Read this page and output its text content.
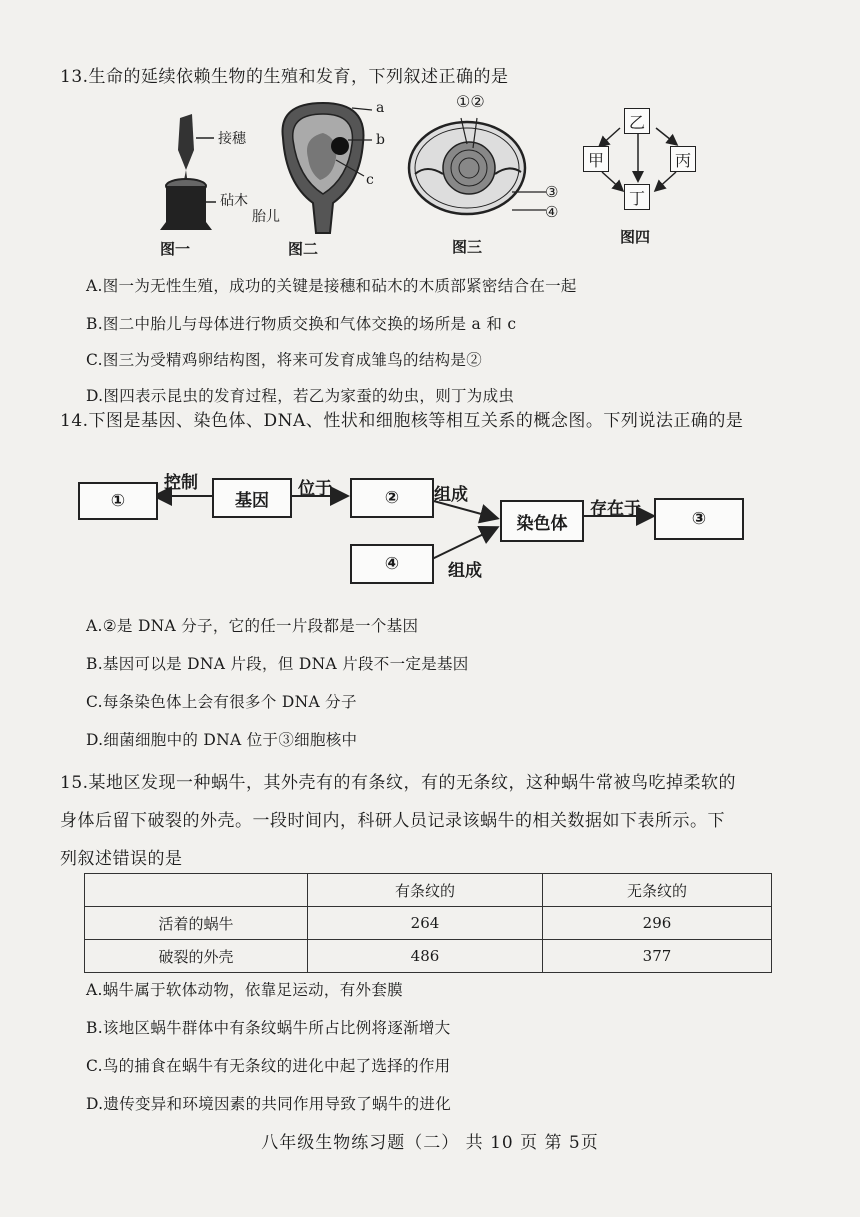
13.生命的延续依赖生物的生殖和发育，下列叙述正确的是
接穗
砧木
图一
a
b
c
胎儿
图二
①②
③
④
图三
乙
甲	丙
丁
图四
A.图一为无性生殖，成功的关键是接穗和砧木的木质部紧密结合在一起
B.图二中胎儿与母体进行物质交换和气体交换的场所是 a 和 c
C.图三为受精鸡卵结构图，将来可发育成雏鸟的结构是②
D.图四表示昆虫的发育过程，若乙为家蚕的幼虫，则丁为成虫
14.下图是基因、染色体、DNA、性状和细胞核等相互关系的概念图。下列说法正确的是
①	基因	②
④
染色体	③
控制	位于	组成
组成
存在于
A.②是 DNA 分子，它的任一片段都是一个基因
B.基因可以是 DNA 片段，但 DNA 片段不一定是基因
C.每条染色体上会有很多个 DNA 分子
D.细菌细胞中的 DNA 位于③细胞核中
15.某地区发现一种蜗牛，其外壳有的有条纹，有的无条纹，这种蜗牛常被鸟吃掉柔软的
身体后留下破裂的外壳。一段时间内，科研人员记录该蜗牛的相关数据如下表所示。下
列叙述错误的是
	有条纹的	无条纹的
活着的蜗牛	264	296
破裂的外壳	486	377
A.蜗牛属于软体动物，依靠足运动，有外套膜
B.该地区蜗牛群体中有条纹蜗牛所占比例将逐渐增大
C.鸟的捕食在蜗牛有无条纹的进化中起了选择的作用
D.遗传变异和环境因素的共同作用导致了蜗牛的进化
八年级生物练习题（二） 共 10 页 第 5页
